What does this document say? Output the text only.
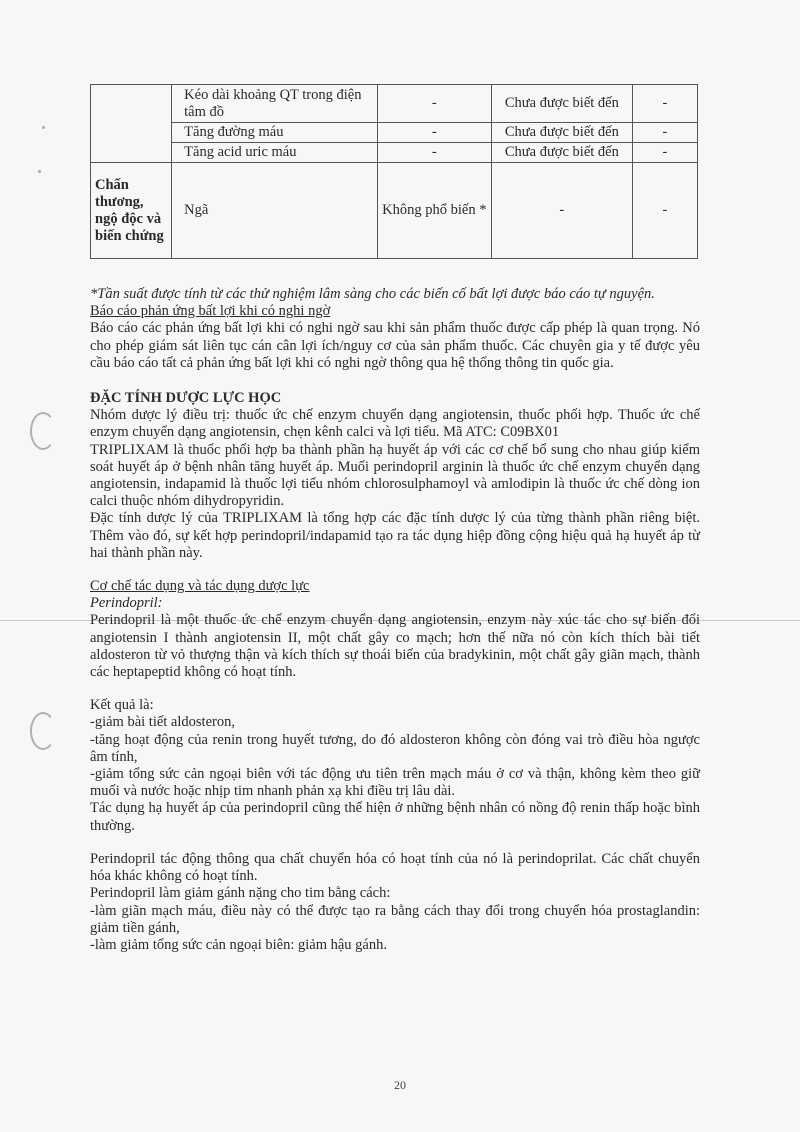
	Kéo dài khoảng QT trong điện tâm đồ	-	Chưa được biết đến	-
	Tăng đường máu	-	Chưa được biết đến	-
	Tăng acid uric máu	-	Chưa được biết đến	-
Chấn thương, ngộ độc và biến chứng	Ngã	Không phổ biến *	-	-

*Tần suất được tính từ các thử nghiệm lâm sàng cho các biến cố bất lợi được báo cáo tự nguyện.

Báo cáo phản ứng bất lợi khi có nghi ngờ

Báo cáo các phản ứng bất lợi khi có nghi ngờ sau khi sản phẩm thuốc được cấp phép là quan trọng. Nó cho phép giám sát liên tục cán cân lợi ích/nguy cơ của sản phẩm thuốc. Các chuyên gia y tế được yêu cầu báo cáo tất cả phản ứng bất lợi khi có nghi ngờ thông qua hệ thống thông tin quốc gia.

ĐẶC TÍNH DƯỢC LỰC HỌC

Nhóm dược lý điều trị: thuốc ức chế enzym chuyển dạng angiotensin, thuốc phối hợp. Thuốc ức chế enzym chuyển dạng angiotensin, chẹn kênh calci và lợi tiểu. Mã ATC: C09BX01

TRIPLIXAM là thuốc phối hợp ba thành phần hạ huyết áp với các cơ chế bổ sung cho nhau giúp kiểm soát huyết áp ở bệnh nhân tăng huyết áp. Muối perindopril arginin là thuốc ức chế enzym chuyển dạng angiotensin, indapamid là thuốc lợi tiểu nhóm chlorosulphamoyl và amlodipin là thuốc ức chế dòng ion calci thuộc nhóm dihydropyridin.

Đặc tính dược lý của TRIPLIXAM là tổng hợp các đặc tính dược lý của từng thành phần riêng biệt. Thêm vào đó, sự kết hợp perindopril/indapamid tạo ra tác dụng hiệp đồng cộng hiệu quả hạ huyết áp từ hai thành phần này.

Cơ chế tác dụng và tác dụng dược lực

Perindopril:

Perindopril là một thuốc ức chế enzym chuyển dạng angiotensin, enzym này xúc tác cho sự biến đổi angiotensin I thành angiotensin II, một chất gây co mạch; hơn thế nữa nó còn kích thích bài tiết aldosteron từ vỏ thượng thận và kích thích sự thoái biến của bradykinin, một chất gây giãn mạch, thành các heptapeptid không có hoạt tính.

Kết quả là:

-giảm bài tiết aldosteron,

-tăng hoạt động của renin trong huyết tương, do đó aldosteron không còn đóng vai trò điều hòa ngược âm tính,

-giảm tổng sức cản ngoại biên với tác động ưu tiên trên mạch máu ở cơ và thận, không kèm theo giữ muối và nước hoặc nhịp tim nhanh phản xạ khi điều trị lâu dài.

Tác dụng hạ huyết áp của perindopril cũng thể hiện ở những bệnh nhân có nồng độ renin thấp hoặc bình thường.

Perindopril tác động thông qua chất chuyển hóa có hoạt tính của nó là perindoprilat. Các chất chuyển hóa khác không có hoạt tính.

Perindopril làm giảm gánh nặng cho tim bằng cách:

-làm giãn mạch máu, điều này có thể được tạo ra bằng cách thay đổi trong chuyển hóa prostaglandin: giảm tiền gánh,

-làm giảm tổng sức cản ngoại biên: giảm hậu gánh.

20
